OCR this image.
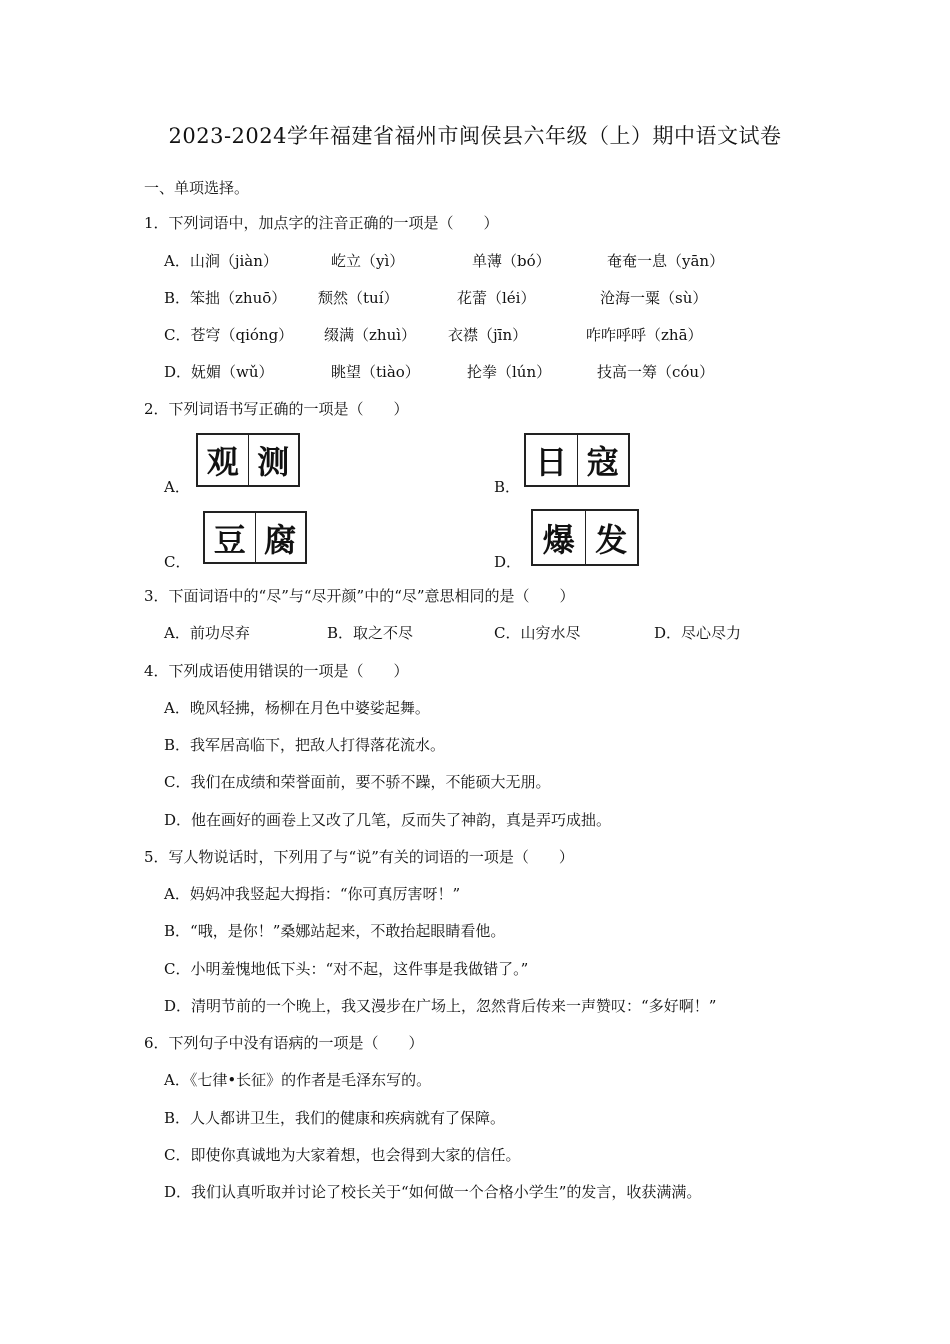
2023-2024学年福建省福州市闽侯县六年级（上）期中语文试卷
一、单项选择。
1．下列词语中，加点字的注音正确的一项是（　　）
A．山涧（jiàn）	屹立（yì）	单薄（bó）	奄奄一息（yān）
B．笨拙（zhuō） 颓然（tuí）	花蕾（léi）	沧海一粟（sù）
C．苍穹（qióng） 缀满（zhuì） 衣襟（jīn）	咋咋呼呼（zhā）
D．妩媚（wǔ）	眺望（tiào）	抡拳（lún）	技高一筹（cóu）
2．下列词语书写正确的一项是（　　）
A．
观 测
B．
日 寇
C．
豆 腐
D．
爆 发
3．下面词语中的“尽”与“尽开颜”中的“尽”意思相同的是（　　）
A．前功尽弃	B．取之不尽	C．山穷水尽	D．尽心尽力
4．下列成语使用错误的一项是（　　）
A．晚风轻拂，杨柳在月色中婆娑起舞。
B．我军居高临下，把敌人打得落花流水。
C．我们在成绩和荣誉面前，要不骄不躁，不能硕大无朋。
D．他在画好的画卷上又改了几笔，反而失了神韵，真是弄巧成拙。
5．写人物说话时，下列用了与“说”有关的词语的一项是（　　）
A．妈妈冲我竖起大拇指：“你可真厉害呀！”
B．“哦，是你！”桑娜站起来，不敢抬起眼睛看他。
C．小明羞愧地低下头：“对不起，这件事是我做错了。”
D．清明节前的一个晚上，我又漫步在广场上，忽然背后传来一声赞叹：“多好啊！”
6．下列句子中没有语病的一项是（　　）
A．《七律•长征》的作者是毛泽东写的。
B．人人都讲卫生，我们的健康和疾病就有了保障。
C．即使你真诚地为大家着想，也会得到大家的信任。
D．我们认真听取并讨论了校长关于“如何做一个合格小学生”的发言，收获满满。
